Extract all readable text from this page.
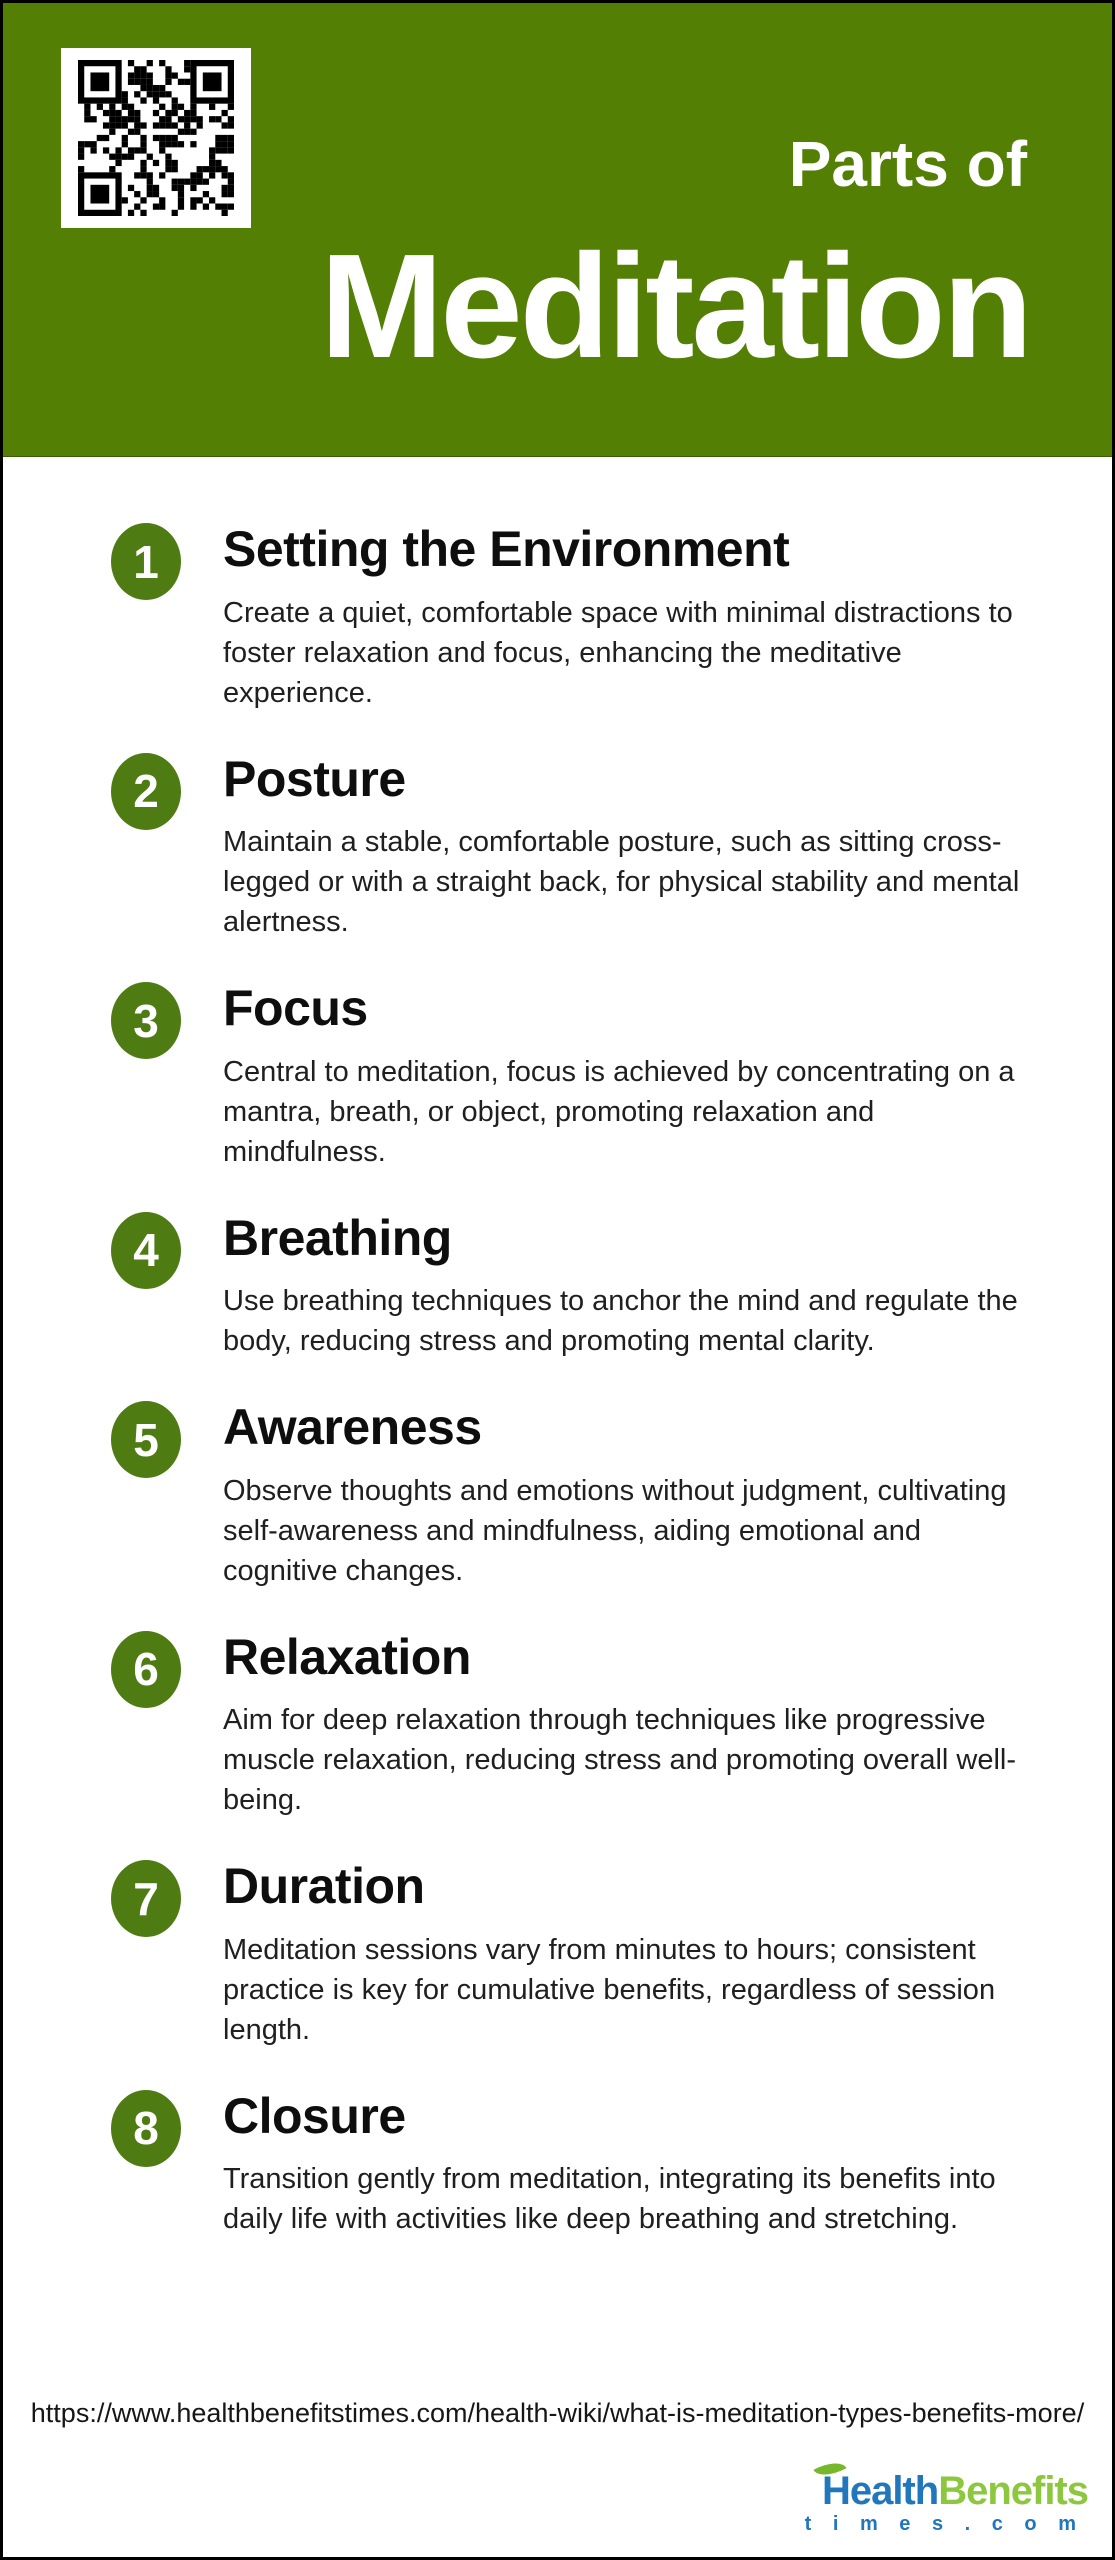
Parts of
Meditation
1 Setting the Environment

Create a quiet, comfortable space with minimal distractions to foster relaxation and focus, enhancing the meditative experience.

2 Posture

Maintain a stable, comfortable posture, such as sitting cross-legged or with a straight back, for physical stability and mental alertness.

3 Focus

Central to meditation, focus is achieved by concentrating on a mantra, breath, or object, promoting relaxation and mindfulness.

4 Breathing

Use breathing techniques to anchor the mind and regulate the body, reducing stress and promoting mental clarity.

5 Awareness

Observe thoughts and emotions without judgment, cultivating self-awareness and mindfulness, aiding emotional and cognitive changes.

6 Relaxation

Aim for deep relaxation through techniques like progressive muscle relaxation, reducing stress and promoting overall well-being.

7 Duration

Meditation sessions vary from minutes to hours; consistent practice is key for cumulative benefits, regardless of session length.

8 Closure

Transition gently from meditation, integrating its benefits into daily life with activities like deep breathing and stretching.

https://www.healthbenefitstimes.com/health-wiki/what-is-meditation-types-benefits-more/
HealthBenefits
t i m e s . c o m
